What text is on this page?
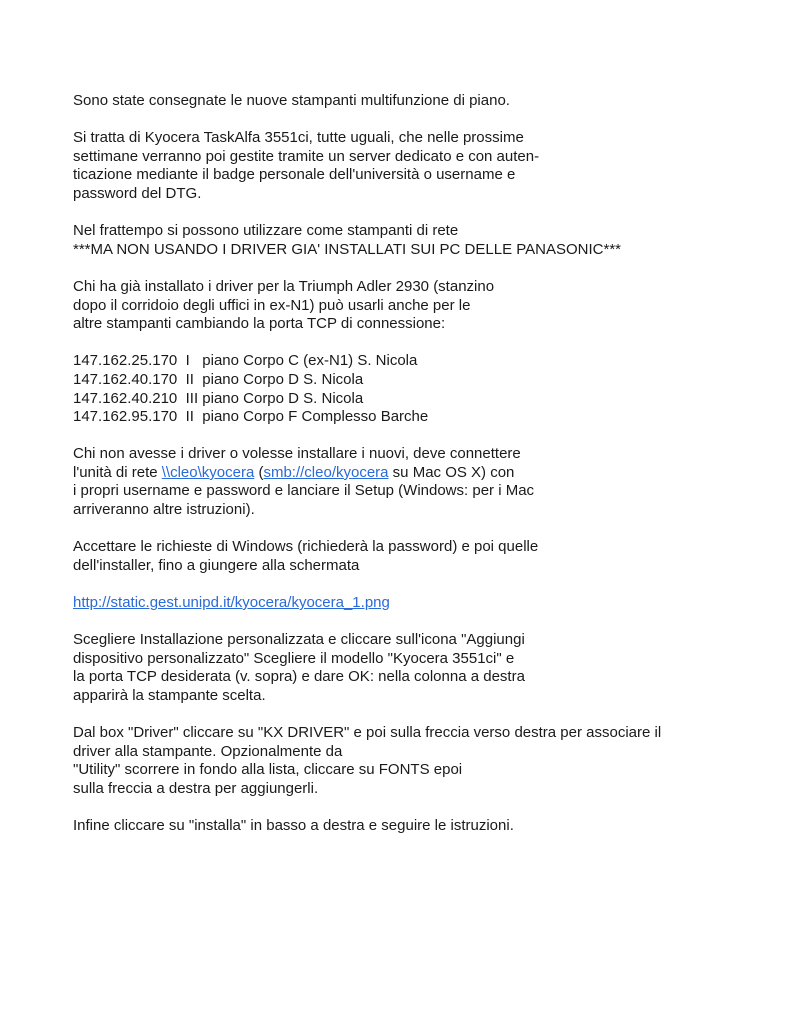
Sono state consegnate le nuove stampanti multifunzione di piano.

Si tratta di Kyocera TaskAlfa 3551ci, tutte uguali, che nelle prossime
settimane verranno poi gestite tramite un server dedicato e con auten-
ticazione mediante il badge personale dell'università o username e
password del DTG.

Nel frattempo si possono utilizzare come stampanti di rete
***MA NON USANDO I DRIVER GIA' INSTALLATI SUI PC DELLE PANASONIC***

Chi ha già installato i driver per la Triumph Adler 2930 (stanzino
dopo il corridoio degli uffici in ex-N1) può usarli anche per le
altre stampanti cambiando la porta TCP di connessione:

147.162.25.170  I   piano Corpo C (ex-N1) S. Nicola
147.162.40.170  II  piano Corpo D S. Nicola
147.162.40.210  III piano Corpo D S. Nicola
147.162.95.170  II  piano Corpo F Complesso Barche

Chi non avesse i driver o volesse installare i nuovi, deve connettere
l'unità di rete \\cleo\kyocera (smb://cleo/kyocera su Mac OS X) con
i propri username e password e lanciare il Setup (Windows: per i Mac
arriveranno altre istruzioni).

Accettare le richieste di Windows (richiederà la password) e poi quelle
dell'installer, fino a giungere alla schermata

http://static.gest.unipd.it/kyocera/kyocera_1.png

Scegliere Installazione personalizzata e cliccare sull'icona "Aggiungi
dispositivo personalizzato" Scegliere il modello "Kyocera 3551ci" e
la porta TCP desiderata (v. sopra) e dare OK: nella colonna a destra
apparirà la stampante scelta.

Dal box "Driver" cliccare su "KX DRIVER" e poi sulla freccia verso destra per associare il
driver alla stampante. Opzionalmente da
"Utility" scorrere in fondo alla lista, cliccare su FONTS epoi
sulla freccia a destra per aggiungerli.

Infine cliccare su "installa" in basso a destra e seguire le istruzioni.
